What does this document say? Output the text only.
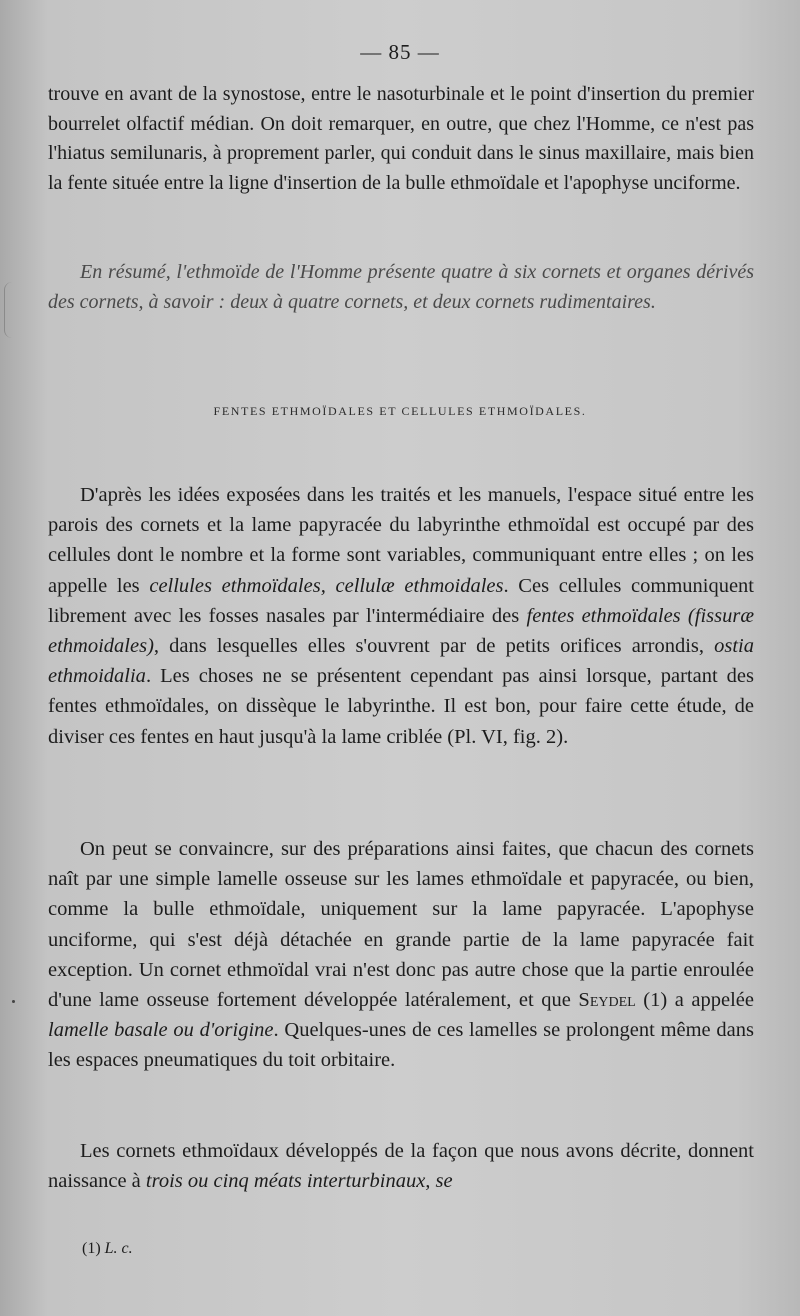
— 85 —

trouve en avant de la synostose, entre le nasoturbinale et le point d'insertion du premier bourrelet olfactif médian. On doit remarquer, en outre, que chez l'Homme, ce n'est pas l'hiatus semilunaris, à proprement parler, qui conduit dans le sinus maxillaire, mais bien la fente située entre la ligne d'insertion de la bulle ethmoïdale et l'apophyse unciforme.

En résumé, l'ethmoïde de l'Homme présente quatre à six cornets et organes dérivés des cornets, à savoir : deux à quatre cornets, et deux cornets rudimentaires.

FENTES ETHMOÏDALES ET CELLULES ETHMOÏDALES.

D'après les idées exposées dans les traités et les manuels, l'espace situé entre les parois des cornets et la lame papyracée du labyrinthe ethmoïdal est occupé par des cellules dont le nombre et la forme sont variables, communiquant entre elles ; on les appelle les cellules ethmoïdales, cellulæ ethmoidales. Ces cellules communiquent librement avec les fosses nasales par l'intermédiaire des fentes ethmoïdales (fissuræ ethmoidales), dans lesquelles elles s'ouvrent par de petits orifices arrondis, ostia ethmoidalia. Les choses ne se présentent cependant pas ainsi lorsque, partant des fentes ethmoïdales, on dissèque le labyrinthe. Il est bon, pour faire cette étude, de diviser ces fentes en haut jusqu'à la lame criblée (Pl. VI, fig. 2).

On peut se convaincre, sur des préparations ainsi faites, que chacun des cornets naît par une simple lamelle osseuse sur les lames ethmoïdale et papyracée, ou bien, comme la bulle ethmoïdale, uniquement sur la lame papyracée. L'apophyse unciforme, qui s'est déjà détachée en grande partie de la lame papyracée fait exception. Un cornet ethmoïdal vrai n'est donc pas autre chose que la partie enroulée d'une lame osseuse fortement développée latéralement, et que Seydel (1) a appelée lamelle basale ou d'origine. Quelques-unes de ces lamelles se prolongent même dans les espaces pneumatiques du toit orbitaire.

Les cornets ethmoïdaux développés de la façon que nous avons décrite, donnent naissance à trois ou cinq méats interturbinaux, se

(1) L. c.
